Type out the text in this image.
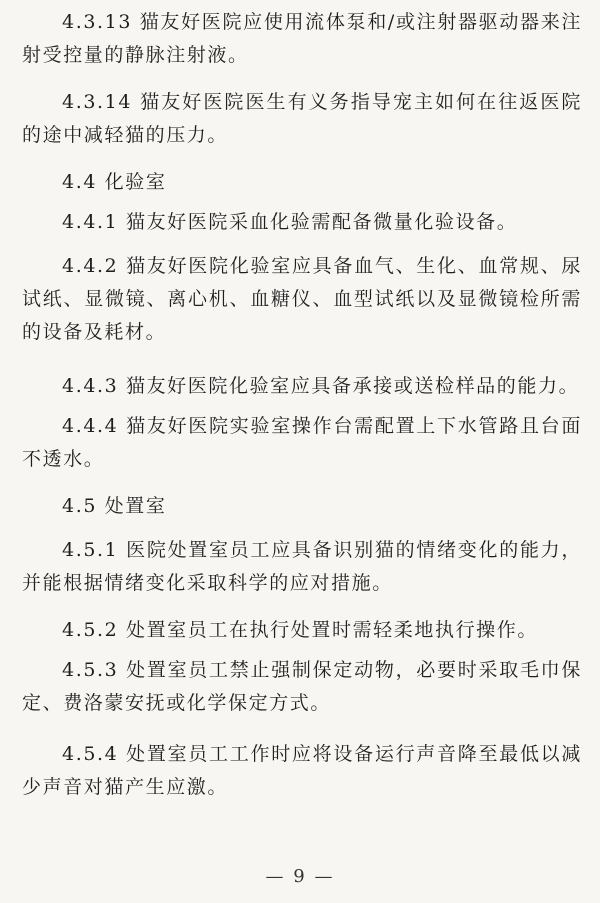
4.3.13 猫友好医院应使用流体泵和/或注射器驱动器来注射受控量的静脉注射液。

4.3.14 猫友好医院医生有义务指导宠主如何在往返医院的途中减轻猫的压力。

4.4 化验室

4.4.1 猫友好医院采血化验需配备微量化验设备。

4.4.2 猫友好医院化验室应具备血气、生化、血常规、尿试纸、显微镜、离心机、血糖仪、血型试纸以及显微镜检所需的设备及耗材。

4.4.3 猫友好医院化验室应具备承接或送检样品的能力。

4.4.4 猫友好医院实验室操作台需配置上下水管路且台面不透水。

4.5 处置室

4.5.1 医院处置室员工应具备识别猫的情绪变化的能力，并能根据情绪变化采取科学的应对措施。

4.5.2 处置室员工在执行处置时需轻柔地执行操作。

4.5.3 处置室员工禁止强制保定动物，必要时采取毛巾保定、费洛蒙安抚或化学保定方式。

4.5.4 处置室员工工作时应将设备运行声音降至最低以减少声音对猫产生应激。

— 9 —
